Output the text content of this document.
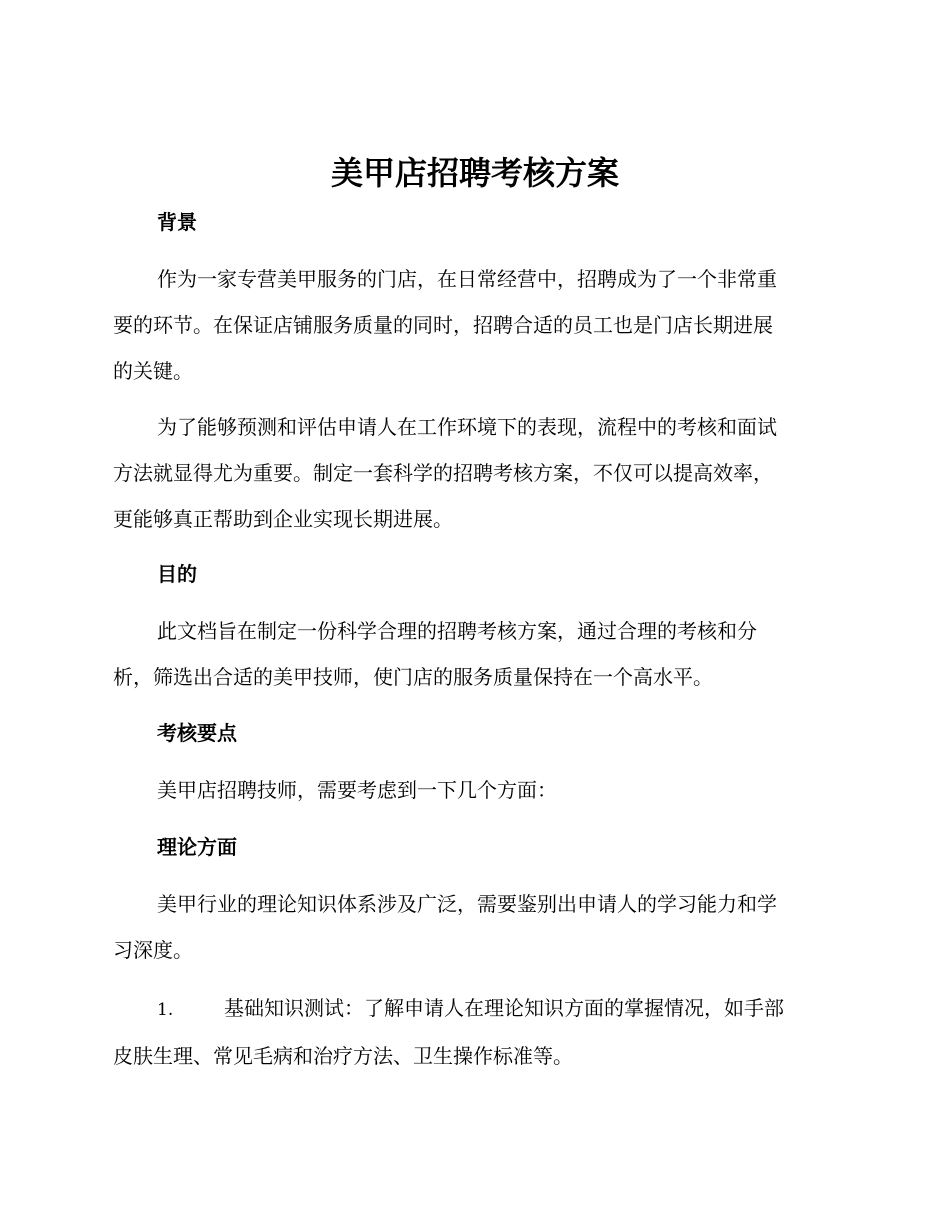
美甲店招聘考核方案
背景

作为一家专营美甲服务的门店，在日常经营中，招聘成为了一个非常重
要的环节。在保证店铺服务质量的同时，招聘合适的员工也是门店长期进展
的关键。

为了能够预测和评估申请人在工作环境下的表现，流程中的考核和面试
方法就显得尤为重要。制定一套科学的招聘考核方案，不仅可以提高效率，
更能够真正帮助到企业实现长期进展。

目的

此文档旨在制定一份科学合理的招聘考核方案，通过合理的考核和分
析，筛选出合适的美甲技师，使门店的服务质量保持在一个高水平。

考核要点

美甲店招聘技师，需要考虑到一下几个方面：

理论方面

美甲行业的理论知识体系涉及广泛，需要鉴别出申请人的学习能力和学
习深度。

1.	基础知识测试：了解申请人在理论知识方面的掌握情况，如手部
皮肤生理、常见毛病和治疗方法、卫生操作标准等。
